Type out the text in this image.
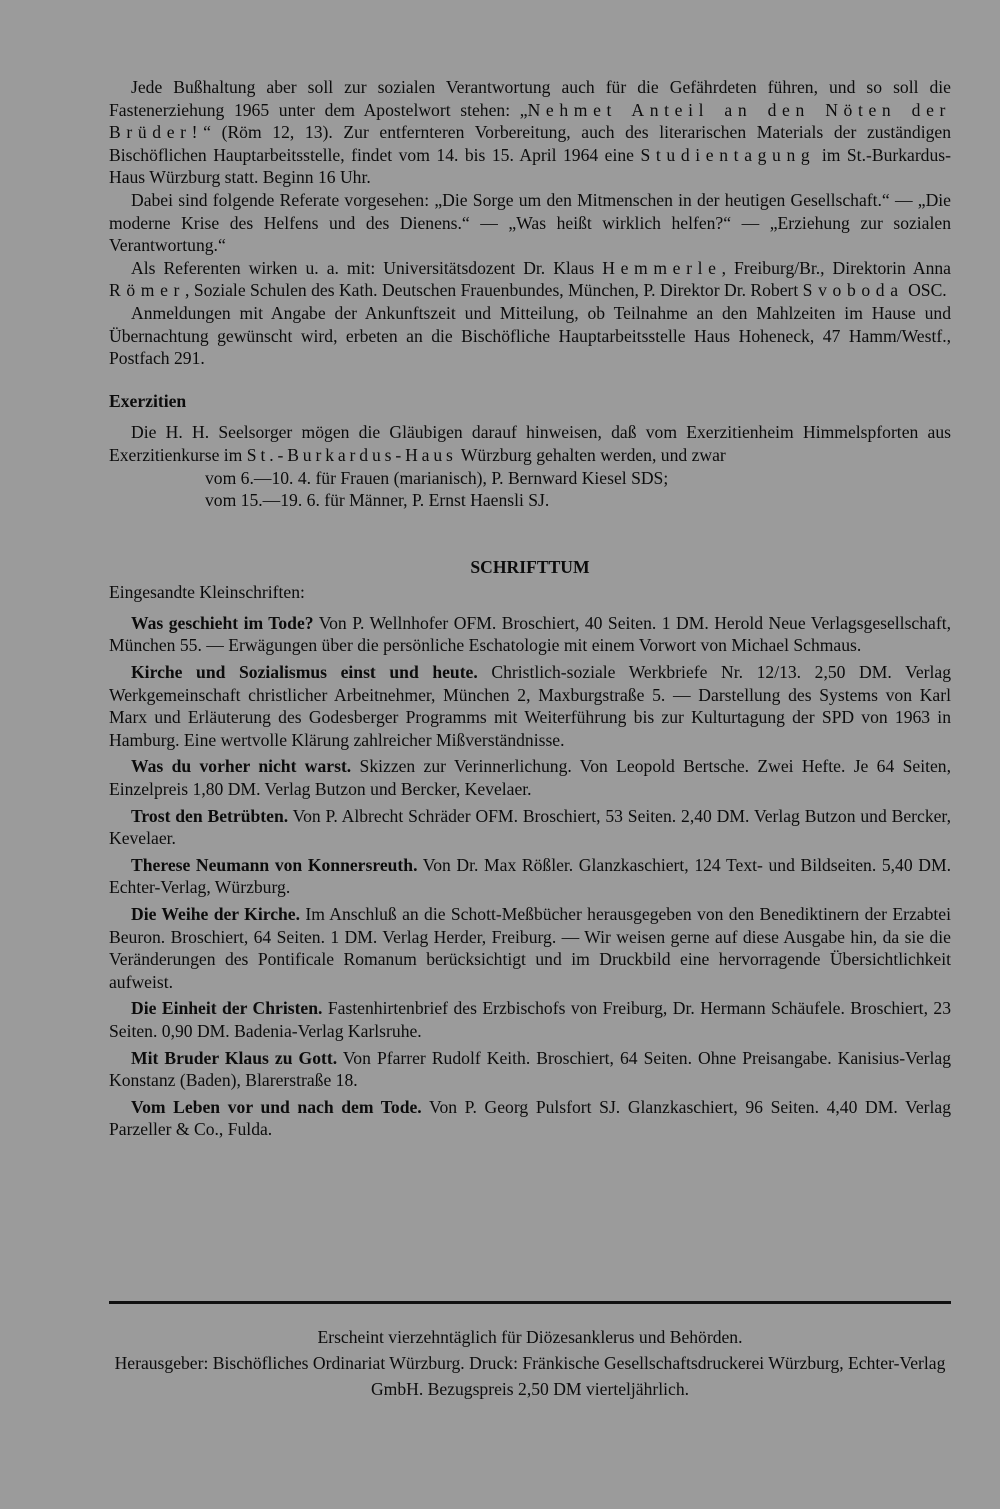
Jede Bußhaltung aber soll zur sozialen Verantwortung auch für die Gefährdeten führen, und so soll die Fastenerziehung 1965 unter dem Apostelwort stehen: „Nehmet Anteil an den Nöten der Brüder!“ (Röm 12, 13). Zur entfernteren Vorbereitung, auch des literarischen Materials der zuständigen Bischöflichen Hauptarbeitsstelle, findet vom 14. bis 15. April 1964 eine Studientagung im St.-Burkardus-Haus Würzburg statt. Beginn 16 Uhr.

Dabei sind folgende Referate vorgesehen: „Die Sorge um den Mitmenschen in der heutigen Gesellschaft.“ — „Die moderne Krise des Helfens und des Dienens.“ — „Was heißt wirklich helfen?“ — „Erziehung zur sozialen Verantwortung.“

Als Referenten wirken u. a. mit: Universitätsdozent Dr. Klaus Hemmerle, Freiburg/Br., Direktorin Anna Römer, Soziale Schulen des Kath. Deutschen Frauenbundes, München, P. Direktor Dr. Robert Svoboda OSC.

Anmeldungen mit Angabe der Ankunftszeit und Mitteilung, ob Teilnahme an den Mahlzeiten im Hause und Übernachtung gewünscht wird, erbeten an die Bischöfliche Hauptarbeitsstelle Haus Hoheneck, 47 Hamm/Westf., Postfach 291.

Exerzitien

Die H. H. Seelsorger mögen die Gläubigen darauf hinweisen, daß vom Exerzitienheim Himmelspforten aus Exerzitienkurse im St.-Burkardus-Haus Würzburg gehalten werden, und zwar

vom 6.—10. 4. für Frauen (marianisch), P. Bernward Kiesel SDS;

vom 15.—19. 6. für Männer, P. Ernst Haensli SJ.

SCHRIFTTUM

Eingesandte Kleinschriften:

Was geschieht im Tode? Von P. Wellnhofer OFM. Broschiert, 40 Seiten. 1 DM. Herold Neue Verlagsgesellschaft, München 55. — Erwägungen über die persönliche Eschatologie mit einem Vorwort von Michael Schmaus.

Kirche und Sozialismus einst und heute. Christlich-soziale Werkbriefe Nr. 12/13. 2,50 DM. Verlag Werkgemeinschaft christlicher Arbeitnehmer, München 2, Maxburgstraße 5. — Darstellung des Systems von Karl Marx und Erläuterung des Godesberger Programms mit Weiterführung bis zur Kulturtagung der SPD von 1963 in Hamburg. Eine wertvolle Klärung zahlreicher Mißverständnisse.

Was du vorher nicht warst. Skizzen zur Verinnerlichung. Von Leopold Bertsche. Zwei Hefte. Je 64 Seiten, Einzelpreis 1,80 DM. Verlag Butzon und Bercker, Kevelaer.

Trost den Betrübten. Von P. Albrecht Schräder OFM. Broschiert, 53 Seiten. 2,40 DM. Verlag Butzon und Bercker, Kevelaer.

Therese Neumann von Konnersreuth. Von Dr. Max Rößler. Glanzkaschiert, 124 Text- und Bildseiten. 5,40 DM. Echter-Verlag, Würzburg.

Die Weihe der Kirche. Im Anschluß an die Schott-Meßbücher herausgegeben von den Benediktinern der Erzabtei Beuron. Broschiert, 64 Seiten. 1 DM. Verlag Herder, Freiburg. — Wir weisen gerne auf diese Ausgabe hin, da sie die Veränderungen des Pontificale Romanum berücksichtigt und im Druckbild eine hervorragende Übersichtlichkeit aufweist.

Die Einheit der Christen. Fastenhirtenbrief des Erzbischofs von Freiburg, Dr. Hermann Schäufele. Broschiert, 23 Seiten. 0,90 DM. Badenia-Verlag Karlsruhe.

Mit Bruder Klaus zu Gott. Von Pfarrer Rudolf Keith. Broschiert, 64 Seiten. Ohne Preisangabe. Kanisius-Verlag Konstanz (Baden), Blarerstraße 18.

Vom Leben vor und nach dem Tode. Von P. Georg Pulsfort SJ. Glanzkaschiert, 96 Seiten. 4,40 DM. Verlag Parzeller & Co., Fulda.

Erscheint vierzehntäglich für Diözesanklerus und Behörden.

Herausgeber: Bischöfliches Ordinariat Würzburg. Druck: Fränkische Gesellschaftsdruckerei Würzburg, Echter-Verlag GmbH. Bezugspreis 2,50 DM vierteljährlich.
